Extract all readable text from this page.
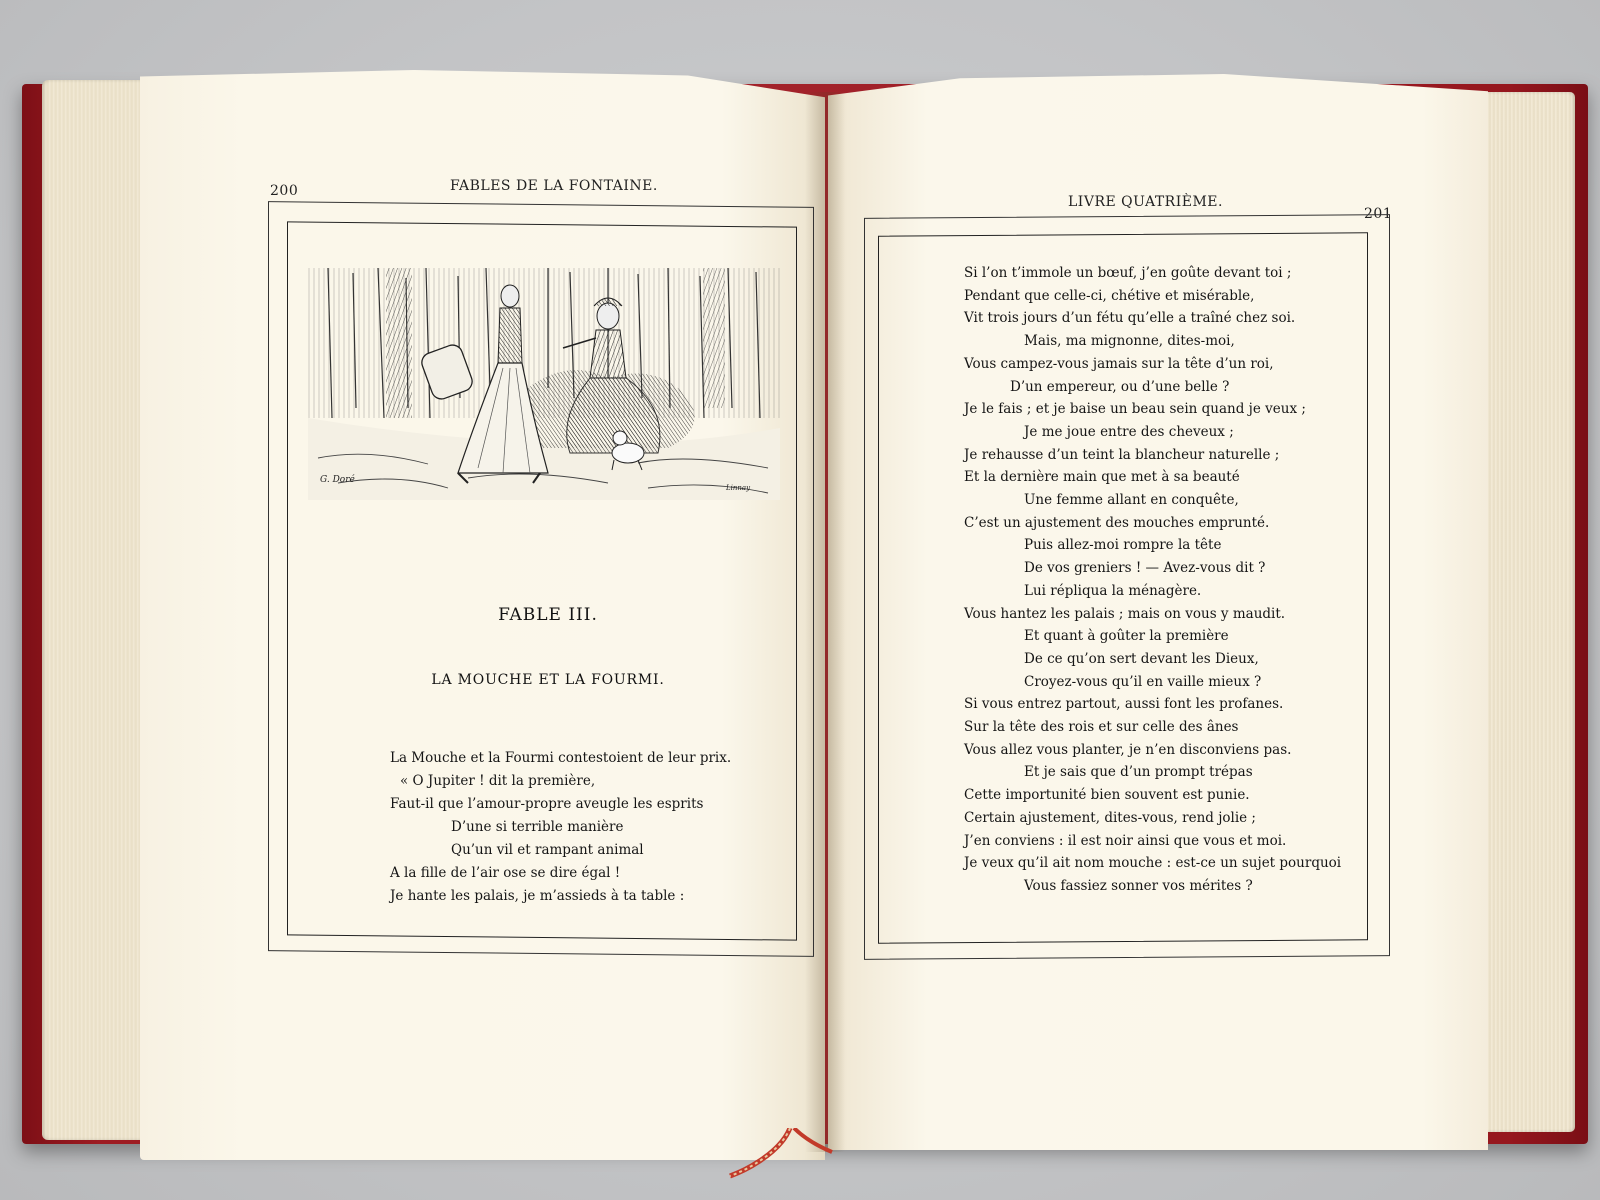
200	FABLES DE LA FONTAINE.
G. Doré
Linnay
FABLE III.
LA MOUCHE ET LA FOURMI.
La Mouche et la Fourmi contestoient de leur prix.
« O Jupiter ! dit la première,
Faut-il que l’amour-propre aveugle les esprits
D’une si terrible manière
Qu’un vil et rampant animal
A la fille de l’air ose se dire égal !
Je hante les palais, je m’assieds à ta table :
LIVRE QUATRIÈME.
201
Si l’on t’immole un bœuf, j’en goûte devant toi ;
Pendant que celle-ci, chétive et misérable,
Vit trois jours d’un fétu qu’elle a traîné chez soi.
Mais, ma mignonne, dites-moi,
Vous campez-vous jamais sur la tête d’un roi,
D’un empereur, ou d’une belle ?
Je le fais ; et je baise un beau sein quand je veux ;
Je me joue entre des cheveux ;
Je rehausse d’un teint la blancheur naturelle ;
Et la dernière main que met à sa beauté
Une femme allant en conquête,
C’est un ajustement des mouches emprunté.
Puis allez-moi rompre la tête
De vos greniers ! — Avez-vous dit ?
Lui répliqua la ménagère.
Vous hantez les palais ; mais on vous y maudit.
Et quant à goûter la première
De ce qu’on sert devant les Dieux,
Croyez-vous qu’il en vaille mieux ?
Si vous entrez partout, aussi font les profanes.
Sur la tête des rois et sur celle des ânes
Vous allez vous planter, je n’en disconviens pas.
Et je sais que d’un prompt trépas
Cette importunité bien souvent est punie.
Certain ajustement, dites-vous, rend jolie ;
J’en conviens : il est noir ainsi que vous et moi.
Je veux qu’il ait nom mouche : est-ce un sujet pourquoi
Vous fassiez sonner vos mérites ?
